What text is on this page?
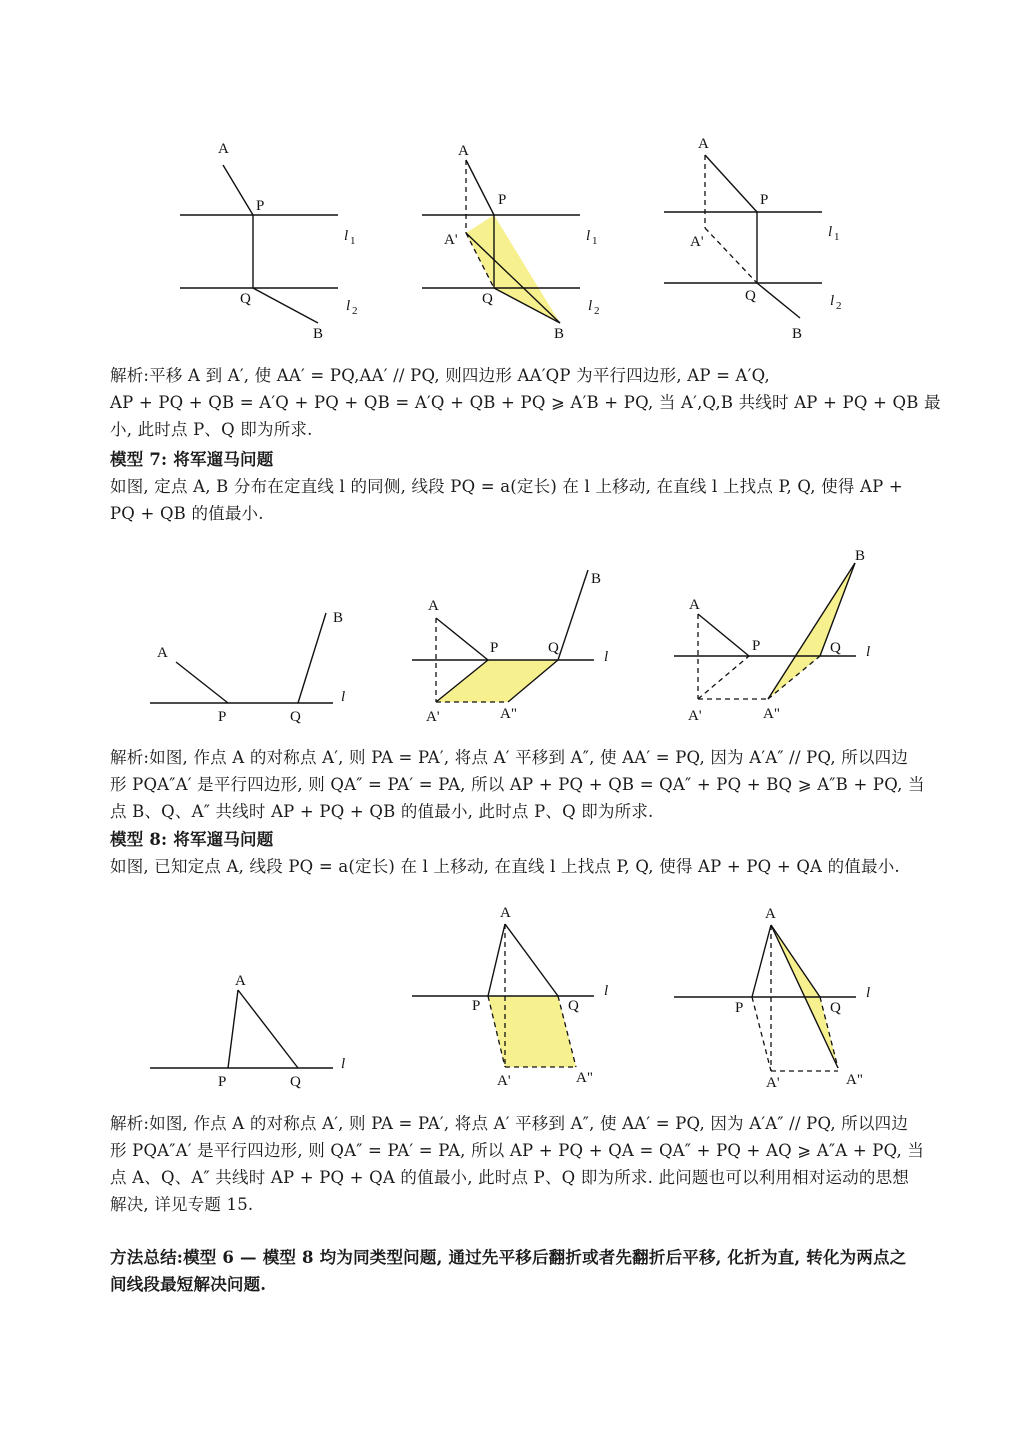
A
P
Q
B
l 1
l 2
A
P
A'
Q
B
l 1
l 2
A
P
A'
Q
B
l 1
l 2
解析:平移 A 到 A′, 使 AA′ = PQ,AA′ // PQ, 则四边形 AA′QP 为平行四边形, AP = A′Q,
AP + PQ + QB = A′Q + PQ + QB = A′Q + QB + PQ ⩾ A′B + PQ, 当 A′,Q,B 共线时 AP + PQ + QB 最
小, 此时点 P、Q 即为所求.
模型 7: 将军遛马问题
如图, 定点 A, B 分布在定直线 l 的同侧, 线段 PQ = a(定长) 在 l 上移动, 在直线 l 上找点 P, Q, 使得 AP +
PQ + QB 的值最小.
A
B
P	Q
l
A
B
P	Q
l
A'	A"
A
B
P	Q l
A'	A"
A
P	Q
l
A
P	Q
l
A'	A"
A
P	Q
l
A'	A"
解析:如图, 作点 A 的对称点 A′, 则 PA = PA′, 将点 A′ 平移到 A″, 使 AA′ = PQ, 因为 A′A″ // PQ, 所以四边
形 PQA″A′ 是平行四边形, 则 QA″ = PA′ = PA, 所以 AP + PQ + QB = QA″ + PQ + BQ ⩾ A″B + PQ, 当
点 B、Q、A″ 共线时 AP + PQ + QB 的值最小, 此时点 P、Q 即为所求.
模型 8: 将军遛马问题
如图, 已知定点 A, 线段 PQ = a(定长) 在 l 上移动, 在直线 l 上找点 P, Q, 使得 AP + PQ + QA 的值最小.
解析:如图, 作点 A 的对称点 A′, 则 PA = PA′, 将点 A′ 平移到 A″, 使 AA′ = PQ, 因为 A′A″ // PQ, 所以四边
形 PQA″A′ 是平行四边形, 则 QA″ = PA′ = PA, 所以 AP + PQ + QA = QA″ + PQ + AQ ⩾ A″A + PQ, 当
点 A、Q、A″ 共线时 AP + PQ + QA 的值最小, 此时点 P、Q 即为所求. 此问题也可以利用相对运动的思想
解决, 详见专题 15.
方法总结:模型 6 — 模型 8 均为同类型问题, 通过先平移后翻折或者先翻折后平移, 化折为直, 转化为两点之
间线段最短解决问题.
